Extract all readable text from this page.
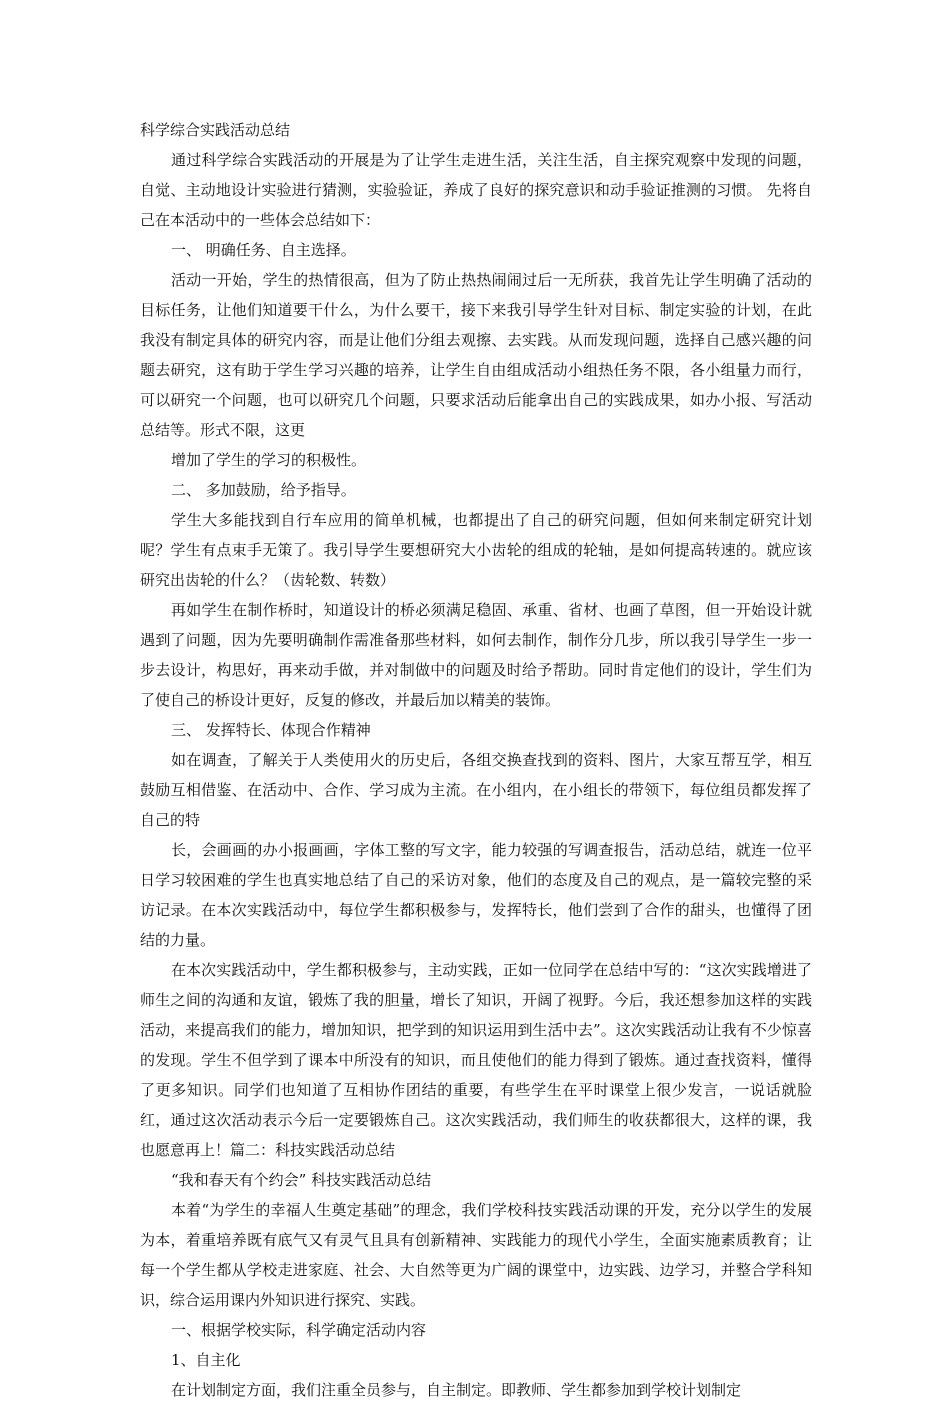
科学综合实践活动总结

通过科学综合实践活动的开展是为了让学生走进生活，关注生活，自主探究观察中发现的问题，自觉、主动地设计实验进行猜测，实验验证，养成了良好的探究意识和动手验证推测的习惯。 先将自己在本活动中的一些体会总结如下：

一、 明确任务、自主选择。

活动一开始，学生的热情很高，但为了防止热热闹闹过后一无所获，我首先让学生明确了活动的目标任务，让他们知道要干什么，为什么要干，接下来我引导学生针对目标、制定实验的计划，在此我没有制定具体的研究内容，而是让他们分组去观擦、去实践。从而发现问题，选择自己感兴趣的问题去研究，这有助于学生学习兴趣的培养，让学生自由组成活动小组热任务不限，各小组量力而行，可以研究一个问题，也可以研究几个问题，只要求活动后能拿出自己的实践成果，如办小报、写活动总结等。形式不限，这更

增加了学生的学习的积极性。

二、 多加鼓励，给予指导。

学生大多能找到自行车应用的简单机械，也都提出了自己的研究问题，但如何来制定研究计划呢？学生有点束手无策了。我引导学生要想研究大小齿轮的组成的轮轴，是如何提高转速的。就应该研究出齿轮的什么？（齿轮数、转数）

再如学生在制作桥时，知道设计的桥必须满足稳固、承重、省材、也画了草图，但一开始设计就遇到了问题，因为先要明确制作需准备那些材料，如何去制作，制作分几步，所以我引导学生一步一步去设计，构思好，再来动手做，并对制做中的问题及时给予帮助。同时肯定他们的设计，学生们为了使自己的桥设计更好，反复的修改，并最后加以精美的装饰。

三、 发挥特长、体现合作精神

如在调查，了解关于人类使用火的历史后，各组交换查找到的资料、图片，大家互帮互学，相互鼓励互相借鉴、在活动中、合作、学习成为主流。在小组内，在小组长的带领下，每位组员都发挥了自己的特

长，会画画的办小报画画，字体工整的写文字，能力较强的写调查报告，活动总结，就连一位平日学习较困难的学生也真实地总结了自己的采访对象，他们的态度及自己的观点，是一篇较完整的采访记录。在本次实践活动中，每位学生都积极参与，发挥特长，他们尝到了合作的甜头，也懂得了团结的力量。

在本次实践活动中，学生都积极参与，主动实践，正如一位同学在总结中写的：“这次实践增进了师生之间的沟通和友谊，锻炼了我的胆量，增长了知识，开阔了视野。今后，我还想参加这样的实践活动，来提高我们的能力，增加知识，把学到的知识运用到生活中去”。这次实践活动让我有不少惊喜的发现。学生不但学到了课本中所没有的知识，而且使他们的能力得到了锻炼。通过查找资料，懂得了更多知识。同学们也知道了互相协作团结的重要，有些学生在平时课堂上很少发言，一说话就脸红，通过这次活动表示今后一定要锻炼自己。这次实践活动，我们师生的收获都很大，这样的课，我也愿意再上！篇二：科技实践活动总结

“我和春天有个约会” 科技实践活动总结

本着“为学生的幸福人生奠定基础”的理念，我们学校科技实践活动课的开发，充分以学生的发展为本，着重培养既有底气又有灵气且具有创新精神、实践能力的现代小学生，全面实施素质教育；让每一个学生都从学校走进家庭、社会、大自然等更为广阔的课堂中，边实践、边学习，并整合学科知识，综合运用课内外知识进行探究、实践。

一、根据学校实际，科学确定活动内容

1、自主化

在计划制定方面，我们注重全员参与，自主制定。即教师、学生都参加到学校计划制定
